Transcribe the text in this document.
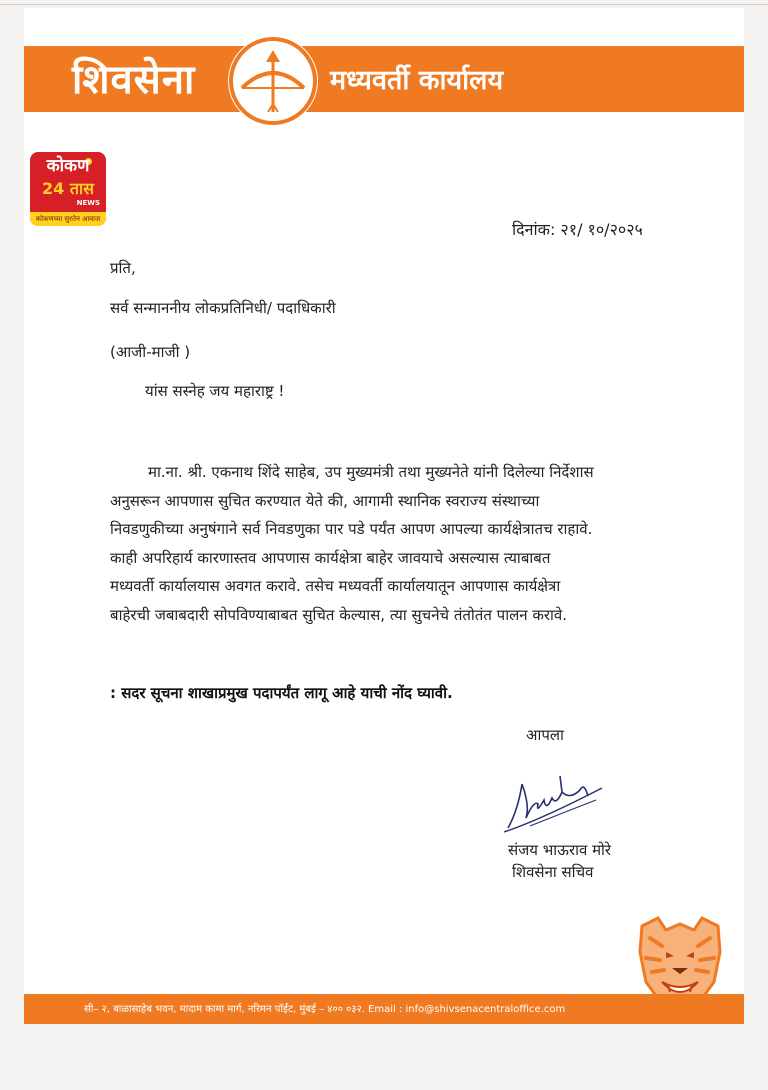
शिवसेना	मध्यवर्ती कार्यालय
कोकण
24 तास
NEWS
कोकणच्या सुरतेन आवाज
दिनांक: २१/ १०/२०२५
प्रति,
सर्व सन्माननीय लोकप्रतिनिधी/ पदाधिकारी
(आजी-माजी )
यांस सस्नेह जय महाराष्ट्र !
मा.ना. श्री. एकनाथ शिंदे साहेब, उप मुख्यमंत्री तथा मुख्यनेते यांनी दिलेल्या निर्देशास
अनुसरून आपणास सुचित करण्यात येते की, आगामी स्थानिक स्वराज्य संस्थाच्या
निवडणुकीच्या अनुषंगाने सर्व निवडणुका पार पडे पर्यंत आपण आपल्या कार्यक्षेत्रातच राहावे.
काही अपरिहार्य कारणास्तव आपणास कार्यक्षेत्रा बाहेर जावयाचे असल्यास त्याबाबत
मध्यवर्ती कार्यालयास अवगत करावे. तसेच मध्यवर्ती कार्यालयातून आपणास कार्यक्षेत्रा
बाहेरची जबाबदारी सोपविण्याबाबत सुचित केल्यास, त्या सुचनेचे तंतोतंत पालन करावे.
: सदर सूचना शाखाप्रमुख पदापर्यंत लागू आहे याची नोंद घ्यावी.
आपला
संजय भाऊराव मोरे
शिवसेना सचिव
सी– २, बाळासाहेब भवन, मादाम कामा मार्ग, नरिमन पॉईंट, मुंबई – ४०० ०३२. Email : info@shivsenacentraloffice.com
